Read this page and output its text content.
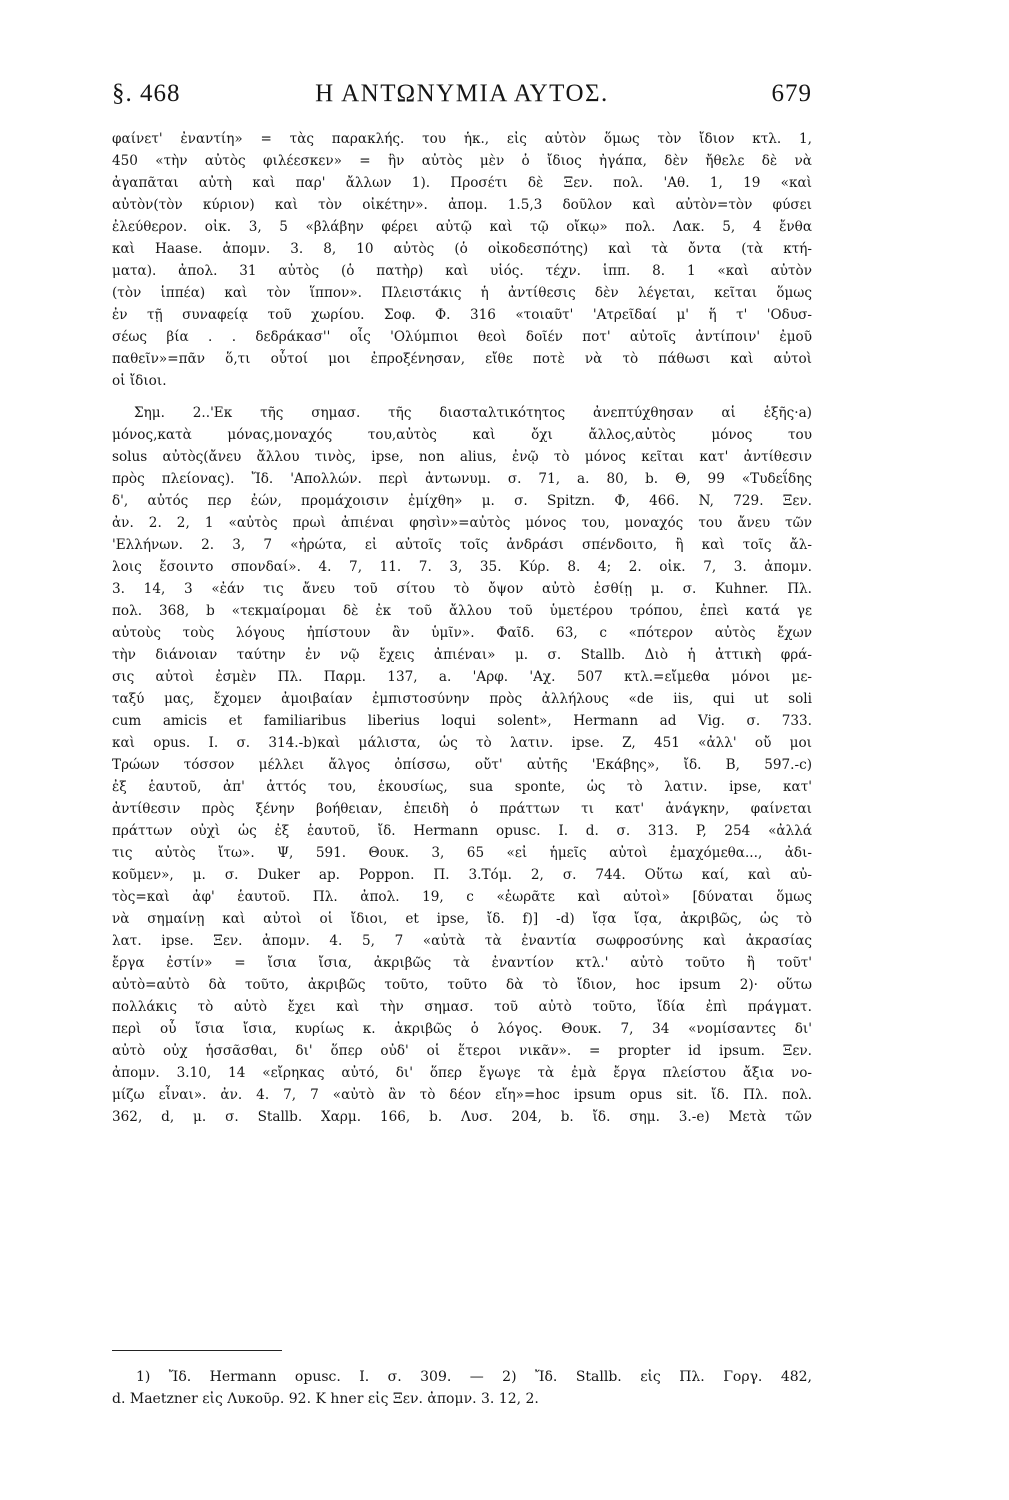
§. 468	Η ΑΝΤΩΝΥΜΙΑ ΑΥΤΟΣ.	679
φαίνετ' ἐναντίη» = τὰς παρακλής. του ἡκ., εἰς αὐτὸν ὅμως τὸν ἴδιον κτλ. 1,
450 «τὴν αὐτὸς φιλέεσκεν» = ἣν αὐτὸς μὲν ὁ ἴδιος ἠγάπα, δὲν ἤθελε δὲ νὰ
ἀγαπᾶται αὐτὴ καὶ παρ' ἄλλων 1). Προσέτι δὲ Ξεν. πολ. 'Αθ. 1, 19 «καὶ
αὐτὸν(τὸν κύριον) καὶ τὸν οἰκέτην». ἀπομ. 1.5,3 δοῦλον καὶ αὐτὸν=τὸν φύσει
ἐλεύθερον. οἰκ. 3, 5 «βλάβην φέρει αὐτῷ καὶ τῷ οἴκῳ» πολ. Λακ. 5, 4 ἔνθα
καὶ Haase. ἀπομν. 3. 8, 10 αὐτὸς (ὁ οἰκοδεσπότης) καὶ τὰ ὄντα (τὰ κτή-
ματα). ἀπολ. 31 αὐτὸς (ὁ πατὴρ) καὶ υἱός. τέχν. ἱππ. 8. 1 «καὶ αὐτὸν
(τὸν ἱππέα) καὶ τὸν ἵππον». Πλειστάκις ἡ ἀντίθεσις δὲν λέγεται, κεῖται ὅμως
ἐν τῇ συναφείᾳ τοῦ χωρίου. Σοφ. Φ. 316 «τοιαῦτ' 'Ατρεῖδαί μ' ἥ τ' 'Οδυσ-
σέως βία . . δεδράκασ'' οἷς 'Ολύμπιοι θεοὶ δοῖέν ποτ' αὐτοῖς ἀντίποιν' ἐμοῦ
παθεῖν»=πᾶν ὅ,τι οὗτοί μοι ἐπροξένησαν, εἴθε ποτὲ νὰ τὸ πάθωσι καὶ αὐτοὶ
οἱ ἴδιοι.
Σημ. 2..'Εκ τῆς σημασ. τῆς διασταλτικότητος ἀνεπτύχθησαν αἱ ἑξῆς·a)
μόνος,κατὰ μόνας,μοναχός του,αὐτὸς καὶ ὄχι ἄλλος,αὐτὸς μόνος του
solus αὐτὸς(ἄνευ ἄλλου τινὸς, ipse, non alius, ἐνῷ τὸ μόνος κεῖται κατ' ἀντίθεσιν
πρὸς πλείονας). Ἴδ. 'Απολλών. περὶ ἀντωνυμ. σ. 71, a. 80, b. Θ, 99 «Τυδεΐδης
δ', αὐτός περ ἐών, προμάχοισιν ἐμίχθη» μ. σ. Spitzn. Φ, 466. N, 729. Ξεν.
ἀν. 2. 2, 1 «αὐτὸς πρωὶ ἀπιέναι φησὶν»=αὐτὸς μόνος του, μοναχός του ἄνευ τῶν
'Ελλήνων. 2. 3, 7 «ἠρώτα, εἰ αὐτοῖς τοῖς ἀνδράσι σπένδοιτο, ἢ καὶ τοῖς ἄλ-
λοις ἔσοιντο σπονδαί». 4. 7, 11. 7. 3, 35. Κύρ. 8. 4; 2. οἰκ. 7, 3. ἀπομν.
3. 14, 3 «ἐάν τις ἄνευ τοῦ σίτου τὸ ὄψον αὐτὸ ἐσθίῃ μ. σ. Kuhner. Πλ.
πολ. 368, b «τεκμαίρομαι δὲ ἐκ τοῦ ἄλλου τοῦ ὑμετέρου τρόπου, ἐπεὶ κατά γε
αὐτοὺς τοὺς λόγους ἠπίστουν ἂν ὑμῖν». Φαῖδ. 63, c «πότερον αὐτὸς ἔχων
τὴν διάνοιαν ταύτην ἐν νῷ ἔχεις ἀπιέναι» μ. σ. Stallb. Διὸ ἡ ἀττικὴ φρά-
σις αὐτοὶ ἐσμὲν Πλ. Παρμ. 137, a. 'Αρφ. 'Αχ. 507 κτλ.=εἴμεθα μόνοι με-
ταξύ μας, ἔχομεν ἀμοιβαίαν ἐμπιστοσύνην πρὸς ἀλλήλους «de iis, qui ut soli
cum amicis et familiaribus liberius loqui solent», Hermann ad Vig. σ. 733.
καὶ opus. I. σ. 314.-b)καὶ μάλιστα, ὡς τὸ λατιν. ipse. Z, 451 «ἀλλ' οὔ μοι
Τρώων τόσσον μέλλει ἄλγος ὀπίσσω, οὔτ' αὐτῆς 'Εκάβης», ἴδ. B, 597.-c)
ἐξ ἑαυτοῦ, ἀπ' ἀττός του, ἑκουσίως, sua sponte, ὡς τὸ λατιν. ipse, κατ'
ἀντίθεσιν πρὸς ξένην βοήθειαν, ἐπειδὴ ὁ πράττων τι κατ' ἀνάγκην, φαίνεται
πράττων οὐχὶ ὡς ἐξ ἑαυτοῦ, ἴδ. Hermann opusc. I. d. σ. 313. P, 254 «ἀλλά
τις αὐτὸς ἴτω». Ψ, 591. Θουκ. 3, 65 «εἰ ἡμεῖς αὐτοὶ ἐμαχόμεθα..., ἀδι-
κοῦμεν», μ. σ. Duker ap. Poppon. Π. 3.Τόμ. 2, σ. 744. Οὕτω καί, καὶ αὐ-
τὸς=καὶ ἀφ' ἑαυτοῦ. Πλ. ἀπολ. 19, c «ἑωρᾶτε καὶ αὐτοὶ» [δύναται ὅμως
νὰ σημαίνῃ καὶ αὐτοὶ οἱ ἴδιοι, et ipse, ἴδ. f)] -d) ἴσ̣α ἴσ̣α, ἀκριβῶς, ὡς τὸ
λατ. ipse. Ξεν. ἀπομν. 4. 5, 7 «αὐτὰ τὰ ἐναντία σωφροσύνης καὶ ἀκρασίας
ἔργα ἐστίν» = ἴσια ἴσια, ἀκριβῶς τὰ ἐναντίον κτλ.' αὐτὸ τοῦτο ἢ τοῦτ'
αὐτὸ=αὐτὸ δὰ τοῦτο, ἀκριβῶς τοῦτο, τοῦτο δὰ τὸ ἴδιον, hoc ipsum 2)· οὕτω
πολλάκις τὸ αὐτὸ ἔχει καὶ τὴν σημασ. τοῦ αὐτὸ τοῦτο, ἴδία ἐπὶ πράγματ.
περὶ οὗ ἴσια ἴσια, κυρίως κ. ἀκριβῶς ὁ λόγος. Θουκ. 7, 34 «νομίσαντες δι'
αὐτὸ οὐχ ἡσσᾶσθαι, δι' ὅπερ οὐδ' οἱ ἕτεροι νικᾶν». = propter id ipsum. Ξεν.
ἀπομν. 3.10, 14 «εἴρηκας αὐτό, δι' ὅπερ ἔγωγε τὰ ἐμὰ ἔργα πλείστου ἄξια νο-
μίζω εἶναι». ἀν. 4. 7, 7 «αὐτὸ ἂν τὸ δέον εἴη»=hoc ipsum opus sit. ἴδ. Πλ. πολ.
362, d, μ. σ. Stallb. Χαρμ. 166, b. Λυσ. 204, b. ἴδ. σημ. 3.-e) Μετὰ τῶν
1) Ἴδ. Hermann opusc. I. σ. 309. — 2) Ἴδ. Stallb. εἰς Πλ. Γοργ. 482,
d. Maetzner εἰς Λυκοῦρ. 92. K hner εἰς Ξεν. ἀπομν. 3. 12, 2.
